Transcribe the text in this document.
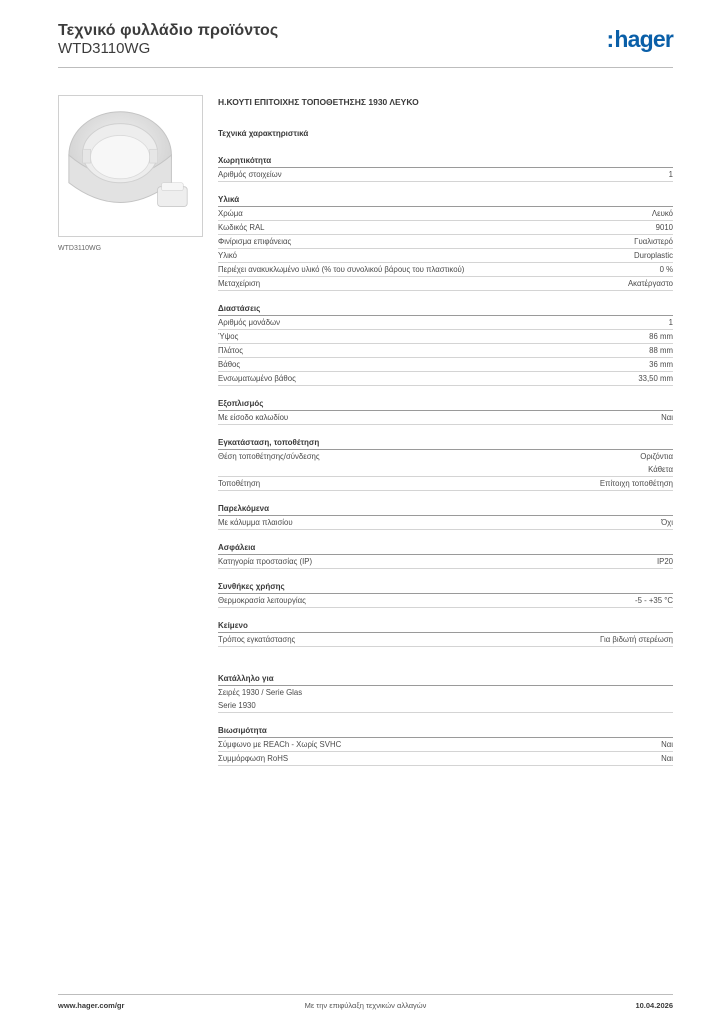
Τεχνικό φυλλάδιο προϊόντος
WTD3110WG	:hager
WTD3110WG
Η.ΚΟΥΤΙ ΕΠΙΤΟΙΧΗΣ ΤΟΠΟΘΕΤΗΣΗΣ 1930 ΛΕΥΚΟ
Τεχνικά χαρακτηριστικά
Χωρητικότητα
Αριθμός στοιχείων	1
Υλικά
Χρώμα	Λευκό
Κωδικός RAL	9010
Φινίρισμα επιφάνειας	Γυαλιστερό
Υλικό	Duroplastic
Περιέχει ανακυκλωμένο υλικό (% του συνολικού βάρους του πλαστικού)	0 %
Μεταχείριση	Ακατέργαστο
Διαστάσεις
Αριθμός μονάδων	1
Ύψος	86 mm
Πλάτος	88 mm
Βάθος	36 mm
Ενσωματωμένο βάθος	33,50 mm
Εξοπλισμός
Με είσοδο καλωδίου	Ναι
Εγκατάσταση, τοποθέτηση
Θέση τοποθέτησης/σύνδεσης	Οριζόντια
Κάθετα
Τοποθέτηση	Επίτοιχη τοποθέτηση
Παρελκόμενα
Με κάλυμμα πλαισίου	Όχι
Ασφάλεια
Κατηγορία προστασίας (IP)	IP20
Συνθήκες χρήσης
Θερμοκρασία λειτουργίας	-5 - +35 °C
Κείμενο
Τρόπος εγκατάστασης	Για βιδωτή στερέωση
Κατάλληλο για
Σειρές 1930 / Serie Glas
Serie 1930
Βιωσιμότητα
Σύμφωνο με REACh - Χωρίς SVHC	Ναι
Συμμόρφωση RoHS	Ναι
www.hager.com/gr	Με την επιφύλαξη τεχνικών αλλαγών	10.04.2026
